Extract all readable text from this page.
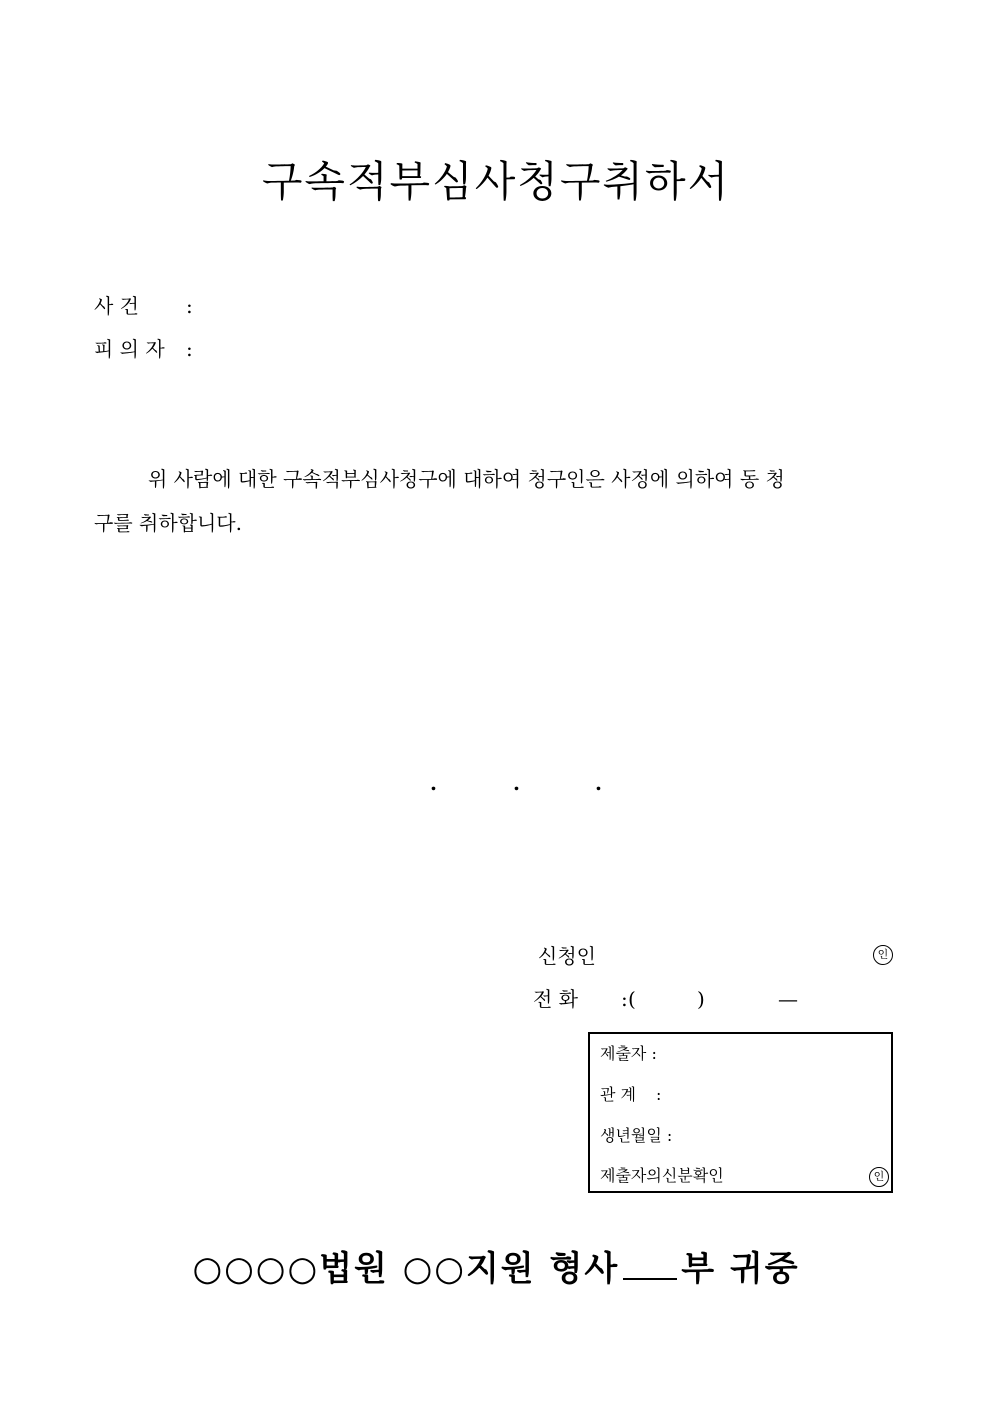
구속적부심사청구취하서
사 건 :
피 의 자 :
위 사람에 대한 구속적부심사청구에 대하여 청구인은 사정에 의하여 동 청
구를 취하합니다.
.	.	.
신청인	인
전 화 : (	)	—
제출자 :
관 계 :
생년월일 :
제출자의신분확인	인
○○○○법원 ○○지원 형사 부 귀중
